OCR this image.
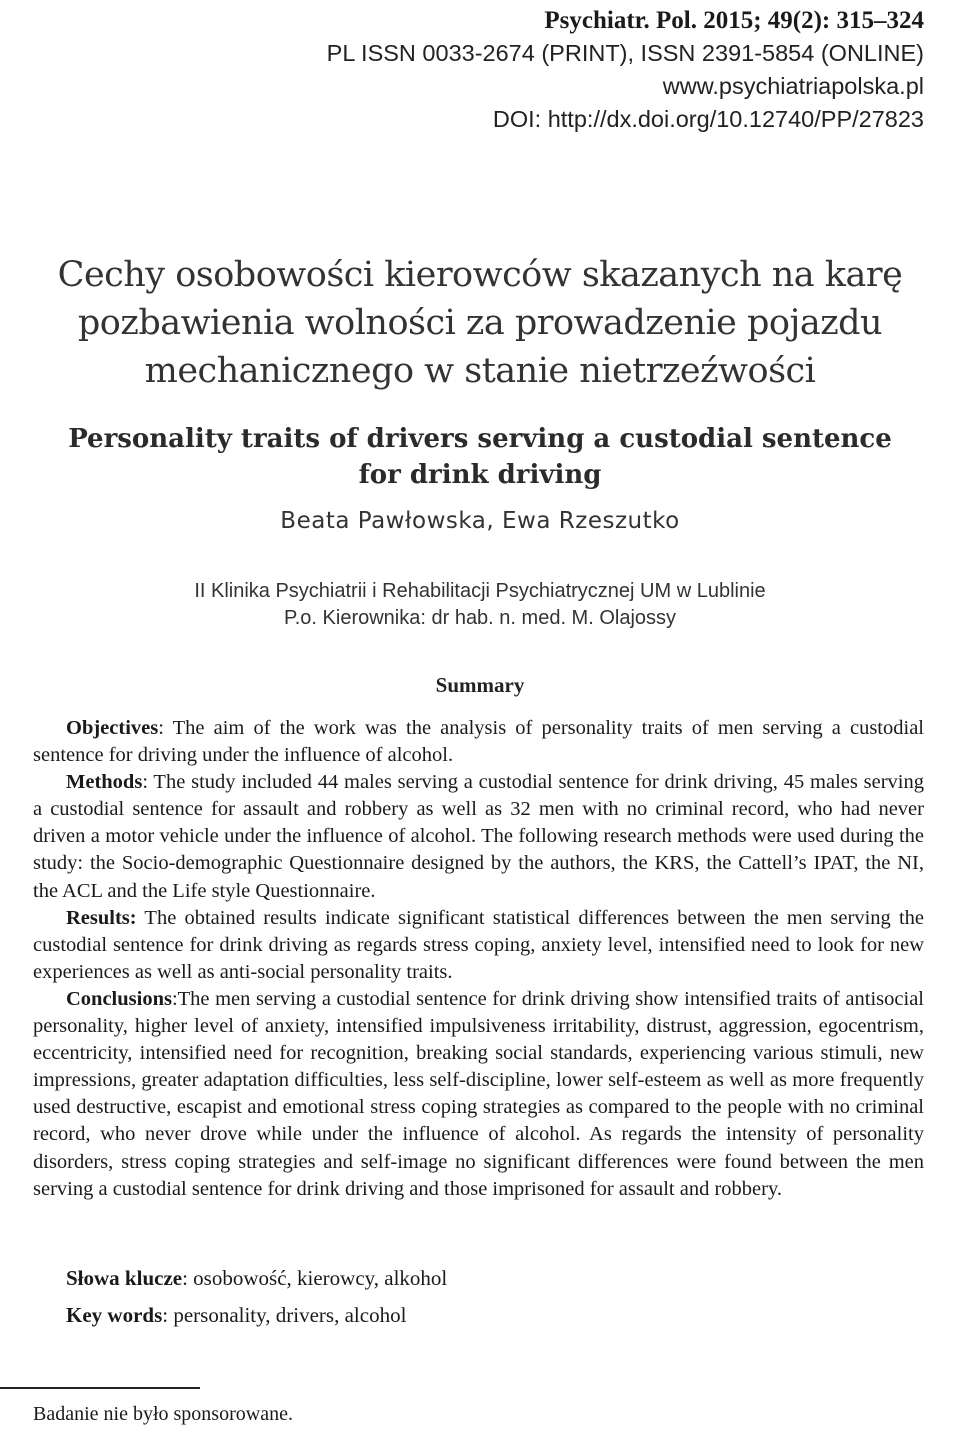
Psychiatr. Pol. 2015; 49(2): 315–324
PL ISSN 0033-2674 (PRINT), ISSN 2391-5854 (ONLINE)
www.psychiatriapolska.pl
DOI: http://dx.doi.org/10.12740/PP/27823
Cechy osobowości kierowców skazanych na karę
pozbawienia wolności za prowadzenie pojazdu
mechanicznego w stanie nietrzeźwości
Personality traits of drivers serving a custodial sentence
for drink driving
Beata Pawłowska, Ewa Rzeszutko
II Klinika Psychiatrii i Rehabilitacji Psychiatrycznej UM w Lublinie
P.o. Kierownika: dr hab. n. med. M. Olajossy
Summary

Objectives: The aim of the work was the analysis of personality traits of men serving a custodial sentence for driving under the influence of alcohol.

Methods: The study included 44 males serving a custodial sentence for drink driving, 45 males serving a custodial sentence for assault and robbery as well as 32 men with no criminal record, who had never driven a motor vehicle under the influence of alcohol. The following research methods were used during the study: the Socio-demographic Questionnaire designed by the authors, the KRS, the Cattell’s IPAT, the NI, the ACL and the Life style Questionnaire.

Results: The obtained results indicate significant statistical differences between the men serving the custodial sentence for drink driving as regards stress coping, anxiety level, intensified need to look for new experiences as well as anti-social personality traits.

Conclusions:The men serving a custodial sentence for drink driving show intensified traits of antisocial personality, higher level of anxiety, intensified impulsiveness irritability, distrust, aggression, egocentrism, eccentricity, intensified need for recognition, breaking social standards, experiencing various stimuli, new impressions, greater adaptation difficulties, less self-discipline, lower self-esteem as well as more frequently used destructive, escapist and emotional stress coping strategies as compared to the people with no criminal record, who never drove while under the influence of alcohol. As regards the intensity of personality disorders, stress coping strategies and self-image no significant differences were found between the men serving a custodial sentence for drink driving and those imprisoned for assault and robbery.

Słowa klucze: osobowość, kierowcy, alkohol
Key words: personality, drivers, alcohol
Badanie nie było sponsorowane.
